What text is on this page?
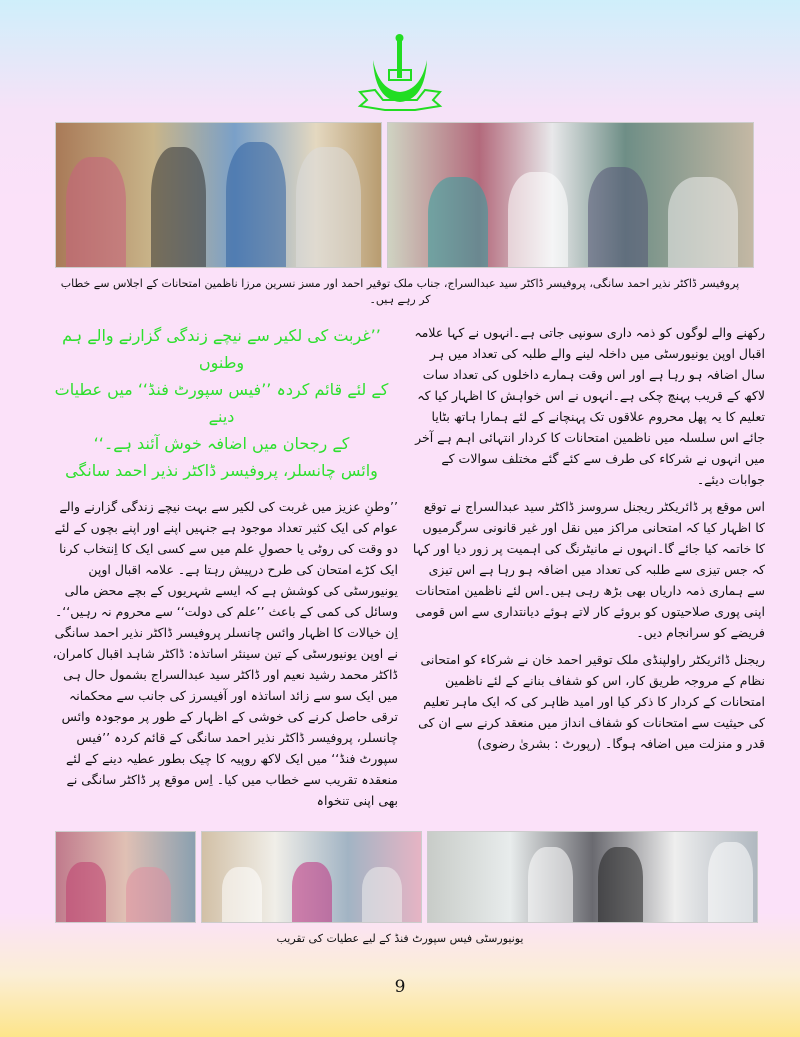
پروفیسر ڈاکٹر نذیر احمد سانگی، پروفیسر ڈاکٹر سید عبدالسراج، جناب ملک توقیر احمد اور مسز نسرین مرزا ناظمین امتحانات کے اجلاس سے خطاب کر رہے ہیں۔
رکھنے والے لوگوں کو ذمہ داری سونپی جاتی ہے۔انہوں نے کہا علامہ اقبال اوپن یونیورسٹی میں داخلہ لینے والے طلبہ کی تعداد میں ہر سال اضافہ ہو رہا ہے اور اس وقت ہمارے داخلوں کی تعداد سات لاکھ کے قریب پہنچ چکی ہے۔انہوں نے اس خواہش کا اظہار کیا کہ تعلیم کا یہ پھل محروم علاقوں تک پہنچانے کے لئے ہمارا ہاتھ بٹایا جائے اس سلسلہ میں ناظمین امتحانات کا کردار انتہائی اہم ہے آخر میں انہوں نے شرکاء کی طرف سے کئے گئے مختلف سوالات کے جوابات دیئے۔
اس موقع پر ڈائریکٹر ریجنل سروسز ڈاکٹر سید عبدالسراج نے توقع کا اظہار کیا کہ امتحانی مراکز میں نقل اور غیر قانونی سرگرمیوں کا خاتمہ کیا جائے گا۔انہوں نے مانیٹرنگ کی اہمیت پر زور دیا اور کہا کہ جس تیزی سے طلبہ کی تعداد میں اضافہ ہو رہا ہے اس تیزی سے ہماری ذمہ داریاں بھی بڑھ رہی ہیں۔اس لئے ناظمین امتحانات اپنی پوری صلاحیتوں کو بروئے کار لاتے ہوئے دیانتداری سے اس قومی فریضے کو سرانجام دیں۔
ریجنل ڈائریکٹر راولپنڈی ملک توقیر احمد خان نے شرکاء کو امتحانی نظام کے مروجہ طریق کار، اس کو شفاف بنانے کے لئے ناظمین امتحانات کے کردار کا ذکر کیا اور امید ظاہر کی کہ ایک ماہر تعلیم کی حیثیت سے امتحانات کو شفاف انداز میں منعقد کرنے سے ان کی قدر و منزلت میں اضافہ ہوگا۔ (رپورٹ : بشریٰ رضوی)
’’غربت کی لکیر سے نیچے زندگی گزارنے والے ہم وطنوں
کے لئے قائم کردہ ’’فیس سپورٹ فنڈ‘‘ میں عطیات دینے
کے رجحان میں اضافہ خوش آئند ہے۔‘‘
وائس چانسلر، پروفیسر ڈاکٹر نذیر احمد سانگی
’’وطنِ عزیز میں غربت کی لکیر سے بہت نیچے زندگی گزارنے والے عوام کی ایک کثیر تعداد موجود ہے جنہیں اپنے اور اپنے بچوں کے لئے دو وقت کی روٹی یا حصولِ علم میں سے کسی ایک کا اِنتخاب کرنا ایک کڑے امتحان کی طرح درپیش رہتا ہے۔ علامہ اقبال اوپن یونیورسٹی کی کوشش ہے کہ ایسے شہریوں کے بچے محض مالی وسائل کی کمی کے باعث ’’علم کی دولت‘‘ سے محروم نہ رہیں‘‘۔ اِن خیالات کا اظہار وائس چانسلر پروفیسر ڈاکٹر نذیر احمد سانگی نے اوپن یونیورسٹی کے تین سینئر اساتذہ: ڈاکٹر شاہد اقبال کامران، ڈاکٹر محمد رشید نعیم اور ڈاکٹر سید عبدالسراج بشمول حال ہی میں ایک سو سے زائد اساتذہ اور آفیسرز کی جانب سے محکمانہ ترقی حاصل کرنے کی خوشی کے اظہار کے طور پر موجودہ وائس چانسلر، پروفیسر ڈاکٹر نذیر احمد سانگی کے قائم کردہ ’’فیس سپورٹ فنڈ‘‘ میں ایک لاکھ روپیہ کا چیک بطور عطیہ دینے کے لئے منعقدہ تقریب سے خطاب میں کیا۔ اِس موقع پر ڈاکٹر سانگی نے بھی اپنی تنخواہ
یونیورسٹی فیس سپورٹ فنڈ کے لیے عطیات کی تقریب
9
